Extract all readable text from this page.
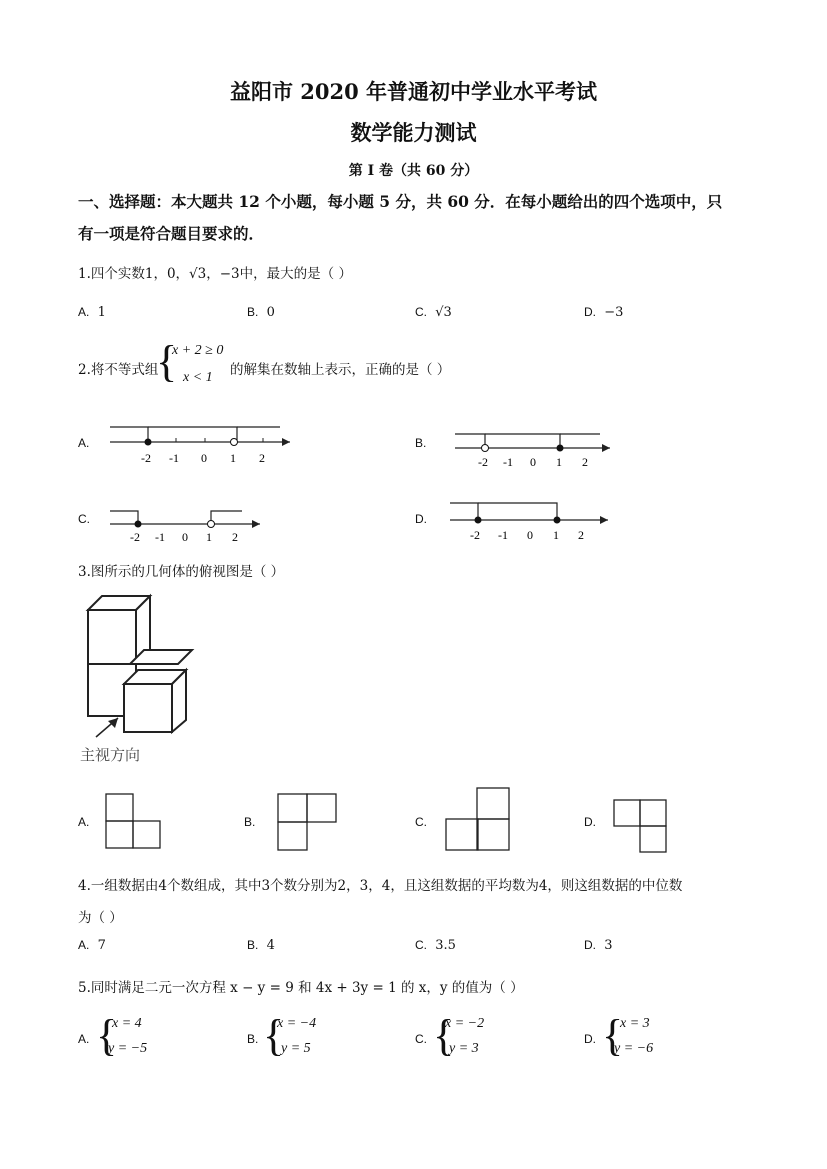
益阳市 2020 年普通初中学业水平考试
数学能力测试
第 I 卷（共 60 分）
一、选择题：本大题共 12 个小题，每小题 5 分，共 60 分．在每小题给出的四个选项中，只
有一项是符合题目要求的．
1.四个实数1，0，√3，−3中，最大的是（ ）
A. 1	B. 0	C. √3	D. −3
2.将不等式组
{
x + 2 ≥ 0
x < 1 的解集在数轴上表示，正确的是（ ）
A.	B.
C.	D.
-2 -1 0 1 2	-2 -1 0 1 2
-2 -1 0 1 2	-2 -1 0 1 2
3.图所示的几何体的俯视图是（ ）
主视方向
A.	B.	C.	D.
4.一组数据由4个数组成，其中3个数分别为2，3，4，且这组数据的平均数为4，则这组数据的中位数
为（ ）
A. 7	B. 4	C. 3.5	D. 3
5.同时满足二元一次方程 x − y = 9 和 4x + 3y = 1 的 x，y 的值为（ ）
A. {
x = 4
y = −5
B. {
x = −4
y = 5
C. {
x = −2
y = 3
D. {
x = 3
y = −6
